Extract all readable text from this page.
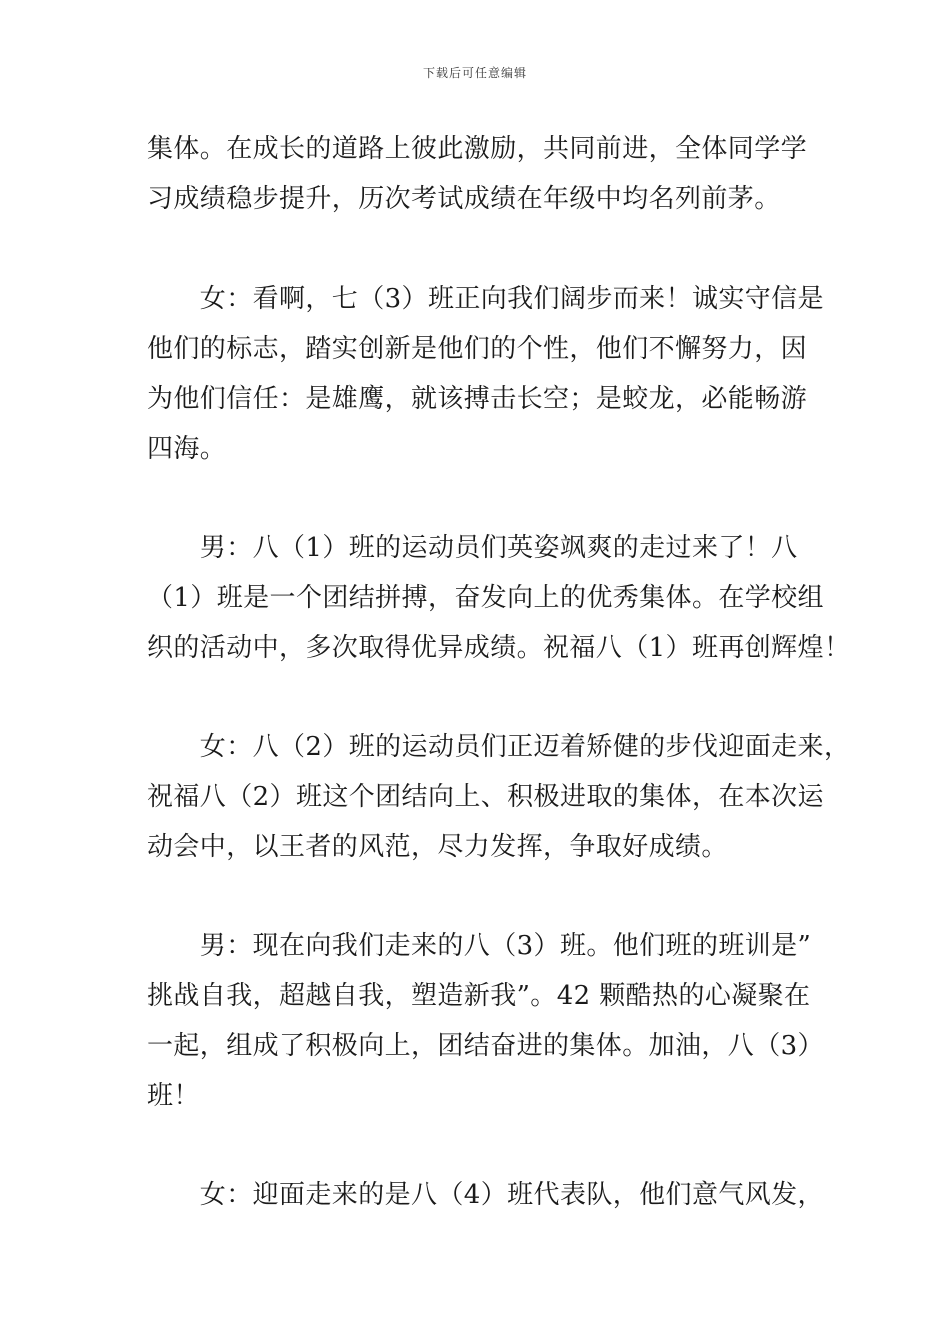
下载后可任意编辑
集体。在成长的道路上彼此激励，共同前进，全体同学学
习成绩稳步提升，历次考试成绩在年级中均名列前茅。
　　女：看啊，七（3）班正向我们阔步而来！诚实守信是
他们的标志，踏实创新是他们的个性，他们不懈努力，因
为他们信任：是雄鹰，就该搏击长空；是蛟龙，必能畅游
四海。
　　男：八（1）班的运动员们英姿飒爽的走过来了！八
（1）班是一个团结拼搏，奋发向上的优秀集体。在学校组
织的活动中，多次取得优异成绩。祝福八（1）班再创辉煌！
　　女：八（2）班的运动员们正迈着矫健的步伐迎面走来，
祝福八（2）班这个团结向上、积极进取的集体，在本次运
动会中，以王者的风范，尽力发挥，争取好成绩。
　　男：现在向我们走来的八（3）班。他们班的班训是”
挑战自我，超越自我，塑造新我”。42 颗酷热的心凝聚在
一起，组成了积极向上，团结奋进的集体。加油，八（3）
班！
　　女：迎面走来的是八（4）班代表队，他们意气风发，
